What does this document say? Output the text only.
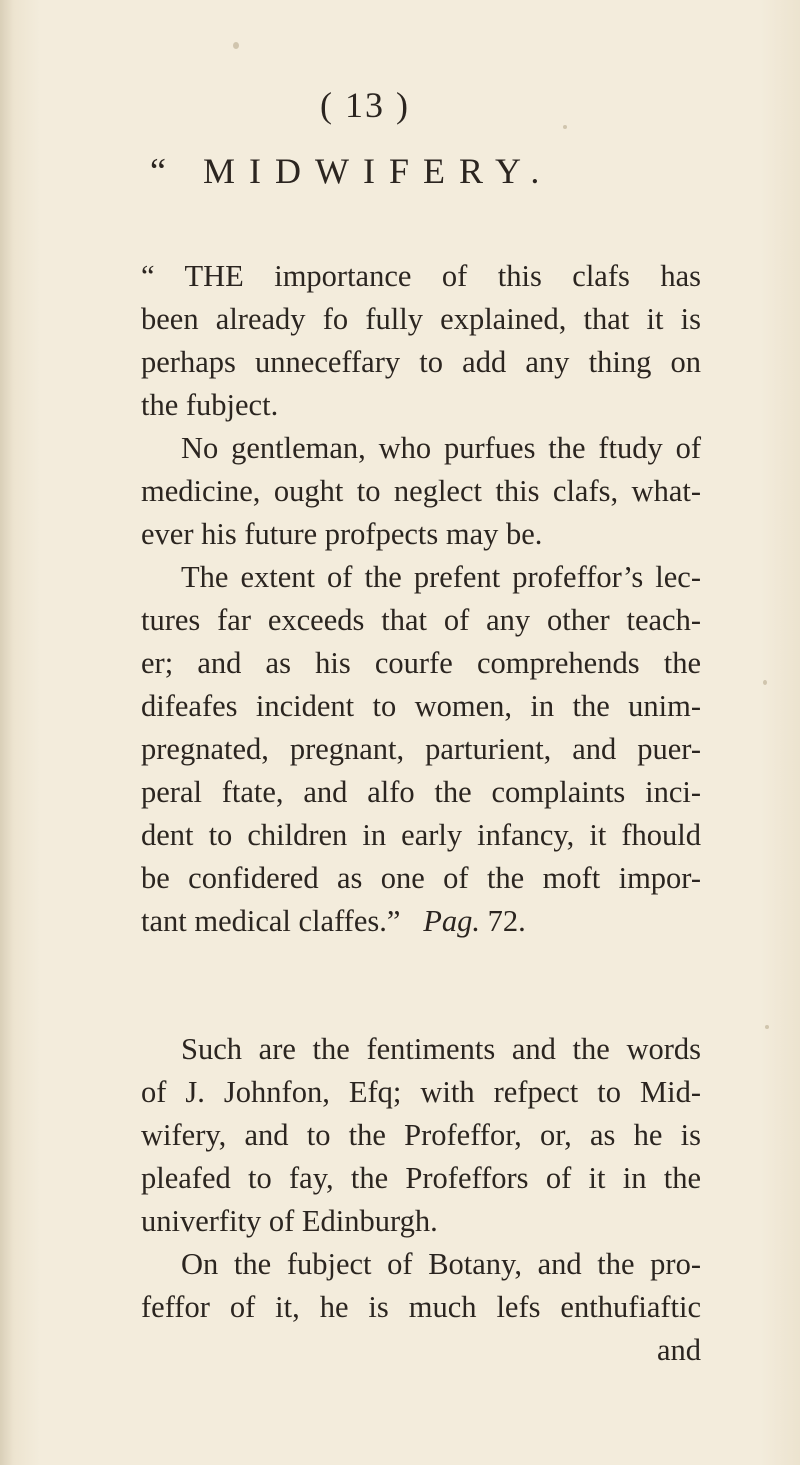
( 13 )
“ MIDWIFERY.
“ THE importance of this clafs has
been already fo fully explained, that it is
perhaps unneceffary to add any thing on
the fubject.
No gentleman, who purfues the ftudy of
medicine, ought to neglect this clafs, what-
ever his future profpects may be.
The extent of the prefent profeffor’s lec-
tures far exceeds that of any other teach-
er; and as his courfe comprehends the
difeafes incident to women, in the unim-
pregnated, pregnant, parturient, and puer-
peral ftate, and alfo the complaints inci-
dent to children in early infancy, it fhould
be confidered as one of the moft impor-
tant medical claffes.” Pag. 72.
Such are the fentiments and the words
of J. Johnfon, Efq; with refpect to Mid-
wifery, and to the Profeffor, or, as he is
pleafed to fay, the Profeffors of it in the
univerfity of Edinburgh.
On the fubject of Botany, and the pro-
feffor of it, he is much lefs enthufiaftic
and
